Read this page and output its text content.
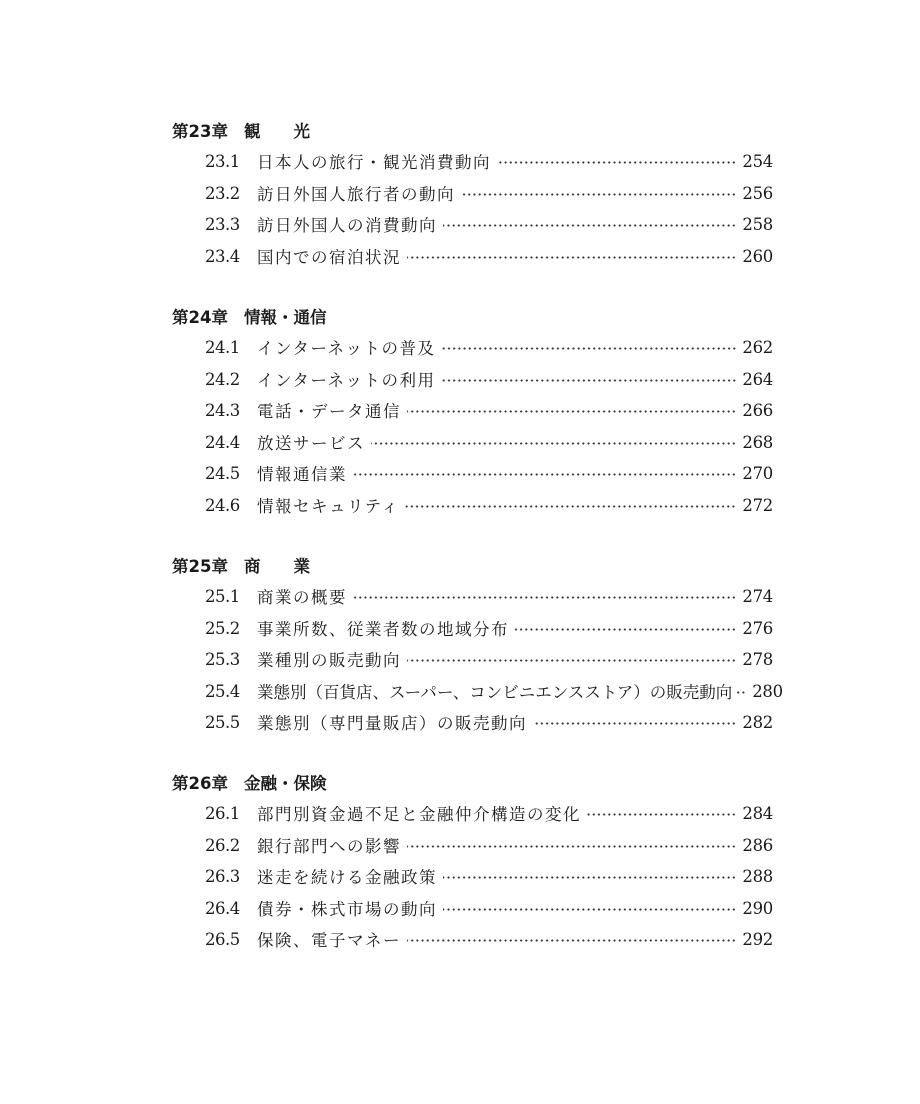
第23章 観　　光
23.1	日本人の旅行・観光消費動向	254
23.2	訪日外国人旅行者の動向	256
23.3	訪日外国人の消費動向	258
23.4	国内での宿泊状況	260
第24章 情報・通信
24.1	インターネットの普及	262
24.2	インターネットの利用	264
24.3	電話・データ通信	266
24.4	放送サービス	268
24.5	情報通信業	270
24.6	情報セキュリティ	272
第25章 商　　業
25.1	商業の概要	274
25.2	事業所数、従業者数の地域分布	276
25.3	業種別の販売動向	278
25.4	業態別（百貨店、スーパー、コンビニエンスストア）の販売動向 280
25.5	業態別（専門量販店）の販売動向	282
第26章 金融・保険
26.1	部門別資金過不足と金融仲介構造の変化	284
26.2	銀行部門への影響	286
26.3	迷走を続ける金融政策	288
26.4	債券・株式市場の動向	290
26.5	保険、電子マネー	292
